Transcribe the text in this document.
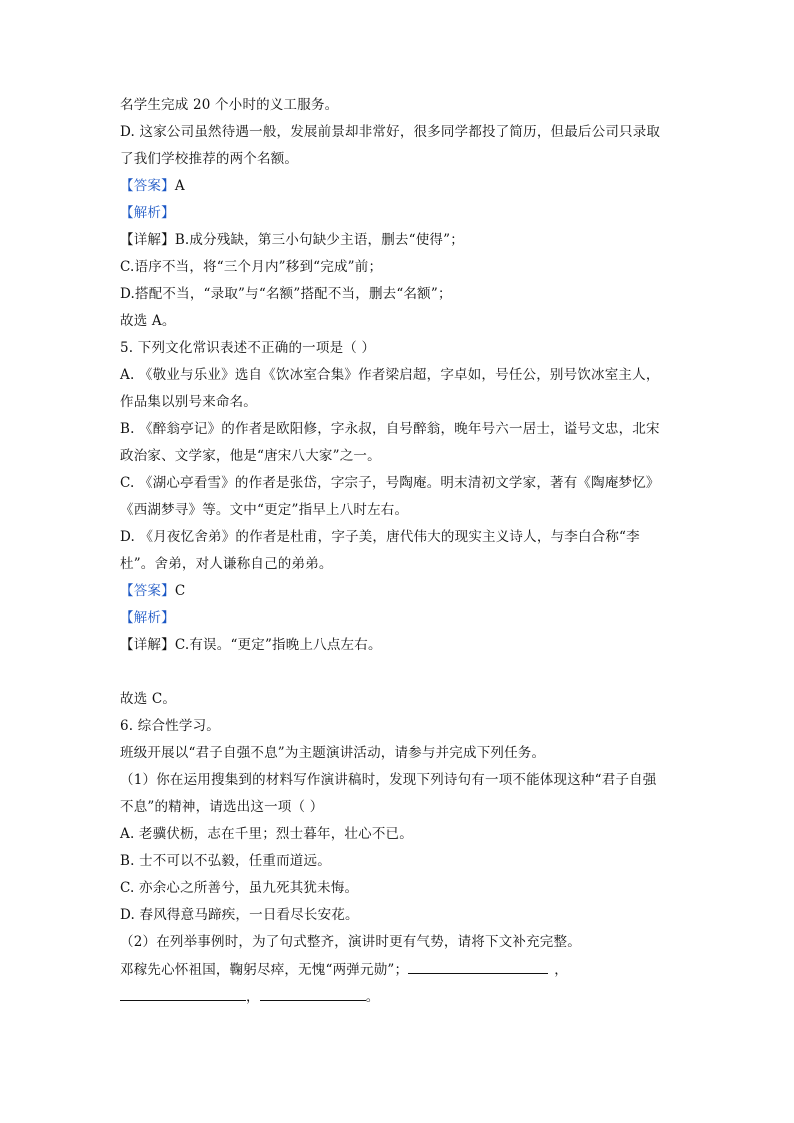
名学生完成 20 个小时的义工服务。
D. 这家公司虽然待遇一般，发展前景却非常好，很多同学都投了简历，但最后公司只录取
了我们学校推荐的两个名额。
【答案】A
【解析】
【详解】B.成分残缺，第三小句缺少主语，删去“使得”；
C.语序不当，将“三个月内”移到“完成”前；
D.搭配不当，“录取”与“名额”搭配不当，删去“名额”；
故选 A。
5. 下列文化常识表述不正确的一项是（ ）
A. 《敬业与乐业》选自《饮冰室合集》作者梁启超，字卓如，号任公，别号饮冰室主人，
作品集以别号来命名。
B. 《醉翁亭记》的作者是欧阳修，字永叔，自号醉翁，晚年号六一居士，谥号文忠，北宋
政治家、文学家，他是“唐宋八大家”之一。
C. 《湖心亭看雪》的作者是张岱，字宗子，号陶庵。明末清初文学家，著有《陶庵梦忆》
《西湖梦寻》等。文中“更定”指早上八时左右。
D. 《月夜忆舍弟》的作者是杜甫，字子美，唐代伟大的现实主义诗人，与李白合称“李
杜”。舍弟，对人谦称自己的弟弟。
【答案】C
【解析】
【详解】C.有误。“更定”指晚上八点左右。
故选 C。
6. 综合性学习。
班级开展以“君子自强不息”为主题演讲活动，请参与并完成下列任务。
（1）你在运用搜集到的材料写作演讲稿时，发现下列诗句有一项不能体现这种“君子自强
不息”的精神，请选出这一项（ ）
A. 老骥伏枥，志在千里；烈士暮年，壮心不已。
B. 士不可以不弘毅，任重而道远。
C. 亦余心之所善兮，虽九死其犹未悔。
D. 春风得意马蹄疾，一日看尽长安花。
（2）在列举事例时，为了句式整齐，演讲时更有气势，请将下文补充完整。
邓稼先心怀祖国，鞠躬尽瘁，无愧“两弹元勋”；	，
，	。
